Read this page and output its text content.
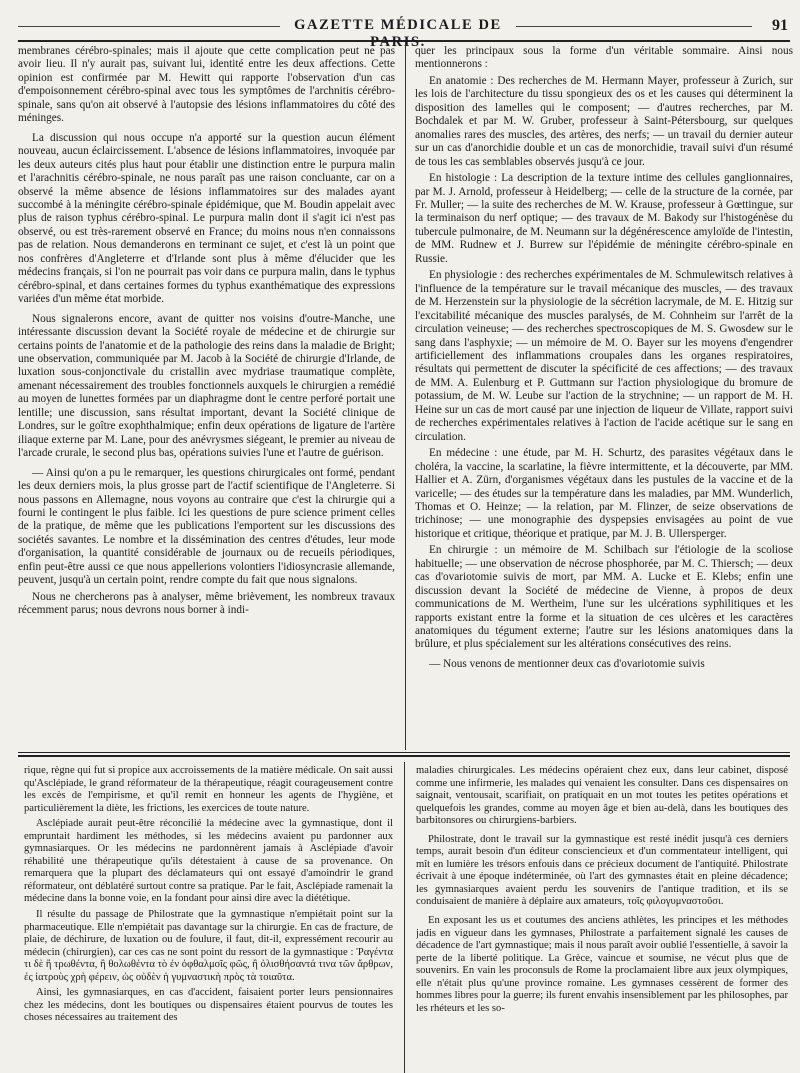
GAZETTE MÉDICALE DE PARIS.
91

membranes cérébro-spinales; mais il ajoute que cette complication peut ne pas avoir lieu. Il n'y aurait pas, suivant lui, identité entre les deux affections. Cette opinion est confirmée par M. Hewitt qui rapporte l'observation d'un cas d'empoisonnement cérébro-spinal avec tous les symptômes de l'archnitis cérébro-spinale, sans qu'on ait observé à l'autopsie des lésions inflammatoires du côté des méninges.

La discussion qui nous occupe n'a apporté sur la question aucun élément nouveau, aucun éclaircissement. L'absence de lésions inflammatoires, invoquée par les deux auteurs cités plus haut pour établir une distinction entre le purpura malin et l'arachnitis cérébro-spinale, ne nous paraît pas une raison concluante, car on a observé la même absence de lésions inflammatoires sur des malades ayant succombé à la méningite cérébro-spinale épidémique, que M. Boudin appelait avec plus de raison typhus cérébro-spinal. Le purpura malin dont il s'agit ici n'est pas observé, ou est très-rarement observé en France; du moins nous n'en connaissons pas de relation. Nous demanderons en terminant ce sujet, et c'est là un point que nos confrères d'Angleterre et d'Irlande sont plus à même d'élucider que les médecins français, si l'on ne pourrait pas voir dans ce purpura malin, dans le typhus cérébro-spinal, et dans certaines formes du typhus exanthématique des expressions variées d'un même état morbide.

Nous signalerons encore, avant de quitter nos voisins d'outre-Manche, une intéressante discussion devant la Société royale de médecine et de chirurgie sur certains points de l'anatomie et de la pathologie des reins dans la maladie de Bright; une observation, communiquée par M. Jacob à la Société de chirurgie d'Irlande, de luxation sous-conjonctivale du cristallin avec mydriase traumatique complète, amenant nécessairement des troubles fonctionnels auxquels le chirurgien a remédié au moyen de lunettes formées par un diaphragme dont le centre perforé portait une lentille; une discussion, sans résultat important, devant la Société clinique de Londres, sur le goître exophthalmique; enfin deux opérations de ligature de l'artère iliaque externe par M. Lane, pour des anévrysmes siégeant, le premier au niveau de l'arcade crurale, le second plus bas, opérations suivies l'une et l'autre de guérison.

— Ainsi qu'on a pu le remarquer, les questions chirurgicales ont formé, pendant les deux derniers mois, la plus grosse part de l'actif scientifique de l'Angleterre. Si nous passons en Allemagne, nous voyons au contraire que c'est la chirurgie qui a fourni le contingent le plus faible. Ici les questions de pure science priment celles de la pratique, de même que les publications l'emportent sur les discussions des sociétés savantes. Le nombre et la dissémination des centres d'études, leur mode d'organisation, la quantité considérable de journaux ou de recueils périodiques, enfin peut-être aussi ce que nous appellerions volontiers l'idiosyncrasie allemande, peuvent, jusqu'à un certain point, rendre compte du fait que nous signalons.

Nous ne chercherons pas à analyser, même brièvement, les nombreux travaux récemment parus; nous devrons nous borner à indi-

quer les principaux sous la forme d'un véritable sommaire. Ainsi nous mentionnerons :

En anatomie : Des recherches de M. Hermann Mayer, professeur à Zurich, sur les lois de l'architecture du tissu spongieux des os et les causes qui déterminent la disposition des lamelles qui le composent; — d'autres recherches, par M. Bochdalek et par M. W. Gruber, professeur à Saint-Pétersbourg, sur quelques anomalies rares des muscles, des artères, des nerfs; — un travail du dernier auteur sur un cas d'anorchidie double et un cas de monorchidie, travail suivi d'un résumé de tous les cas semblables observés jusqu'à ce jour.

En histologie : La description de la texture intime des cellules ganglionnaires, par M. J. Arnold, professeur à Heidelberg; — celle de la structure de la cornée, par Fr. Muller; — la suite des recherches de M. W. Krause, professeur à Gœttingue, sur la terminaison du nerf optique; — des travaux de M. Bakody sur l'histogénèse du tubercule pulmonaire, de M. Neumann sur la dégénérescence amyloïde de l'intestin, de MM. Rudnew et J. Burrew sur l'épidémie de méningite cérébro-spinale en Russie.

En physiologie : des recherches expérimentales de M. Schmulewitsch relatives à l'influence de la température sur le travail mécanique des muscles, — des travaux de M. Herzenstein sur la physiologie de la sécrétion lacrymale, de M. E. Hitzig sur l'excitabilité mécanique des muscles paralysés, de M. Cohnheim sur l'arrêt de la circulation veineuse; — des recherches spectroscopiques de M. S. Gwosdew sur le sang dans l'asphyxie; — un mémoire de M. O. Bayer sur les moyens d'engendrer artificiellement des inflammations croupales dans les organes respiratoires, résultats qui permettent de discuter la spécificité de ces affections; — des travaux de MM. A. Eulenburg et P. Guttmann sur l'action physiologique du bromure de potassium, de M. W. Leube sur l'action de la strychnine; — un rapport de M. H. Heine sur un cas de mort causé par une injection de liqueur de Villate, rapport suivi de recherches expérimentales relatives à l'action de l'acide acétique sur le sang en circulation.

En médecine : une étude, par M. H. Schurtz, des parasites végétaux dans le choléra, la vaccine, la scarlatine, la fièvre intermittente, et la découverte, par MM. Hallier et A. Zürn, d'organismes végétaux dans les pustules de la vaccine et de la varicelle; — des études sur la température dans les maladies, par MM. Wunderlich, Thomas et O. Heinze; — la relation, par M. Flinzer, de seize observations de trichinose; — une monographie des dyspepsies envisagées au point de vue historique et critique, théorique et pratique, par M. J. B. Ullersperger.

En chirurgie : un mémoire de M. Schilbach sur l'étiologie de la scoliose habituelle; — une observation de nécrose phosphorée, par M. C. Thiersch; — deux cas d'ovariotomie suivis de mort, par MM. A. Lucke et E. Klebs; enfin une discussion devant la Société de médecine de Vienne, à propos de deux communications de M. Wertheim, l'une sur les ulcérations syphilitiques et les rapports existant entre la forme et la situation de ces ulcères et les caractères anatomiques du tégument externe; l'autre sur les lésions anatomiques dans la brûlure, et plus spécialement sur les altérations consécutives des reins.

— Nous venons de mentionner deux cas d'ovariotomie suivis

rique, règne qui fut si propice aux accroissements de la matière médicale. On sait aussi qu'Asclépiade, le grand réformateur de la thérapeutique, réagit courageusement contre les excès de l'empirisme, et qu'il remit en honneur les agents de l'hygiène, et particulièrement la diète, les frictions, les exercices de toute nature.

Asclépiade aurait peut-être réconcilié la médecine avec la gymnastique, dont il empruntait hardiment les méthodes, si les médecins avaient pu pardonner aux gymnasiarques. Or les médecins ne pardonnèrent jamais à Asclépiade d'avoir réhabilité une thérapeutique qu'ils détestaient à cause de sa provenance. On remarquera que la plupart des déclamateurs qui ont essayé d'amoindrir le grand réformateur, ont déblatéré surtout contre sa pratique. Par le fait, Asclépiade ramenait la médecine dans la bonne voie, en la fondant pour ainsi dire avec la diététique.

Il résulte du passage de Philostrate que la gymnastique n'empiétait point sur la pharmaceutique. Elle n'empiétait pas davantage sur la chirurgie. En cas de fracture, de plaie, de déchirure, de luxation ou de foulure, il faut, dit-il, expressément recourir au médecin (chirurgien), car ces cas ne sont point du ressort de la gymnastique : Ῥαγέντα τι δὲ ἢ τρωθέντα, ἢ θολωθέντα τὸ ἐν ὀφθαλμοῖς φῶς, ἢ ὀλισθήσαντά τινα τῶν ἄρθρων, ἐς ἰατροὺς χρὴ φέρειν, ὡς οὐδὲν ἡ γυμναστικὴ πρὸς τὰ τοιαῦτα.

Ainsi, les gymnasiarques, en cas d'accident, faisaient porter leurs pensionnaires chez les médecins, dont les boutiques ou dispensaires étaient pourvus de toutes les choses nécessaires au traitement des

maladies chirurgicales. Les médecins opéraient chez eux, dans leur cabinet, disposé comme une infirmerie, les malades qui venaient les consulter. Dans ces dispensaires on saignait, ventousait, scarifiait, on pratiquait en un mot toutes les petites opérations et quelquefois les grandes, comme au moyen âge et bien au-delà, dans les boutiques des barbitonsores ou chirurgiens-barbiers.

Philostrate, dont le travail sur la gymnastique est resté inédit jusqu'à ces derniers temps, aurait besoin d'un éditeur consciencieux et d'un commentateur intelligent, qui mît en lumière les trésors enfouis dans ce précieux document de l'antiquité. Philostrate écrivait à une époque indéterminée, où l'art des gymnastes était en pleine décadence; les gymnasiarques avaient perdu les souvenirs de l'antique tradition, et ils se conduisaient de manière à déplaire aux amateurs, τοῖς φιλογυμναστοῦσι.

En exposant les us et coutumes des anciens athlètes, les principes et les méthodes jadis en vigueur dans les gymnases, Philostrate a parfaitement signalé les causes de décadence de l'art gymnastique; mais il nous paraît avoir oublié l'essentielle, à savoir la perte de la liberté politique. La Grèce, vaincue et soumise, ne vécut plus que de souvenirs. En vain les proconsuls de Rome la proclamaient libre aux jeux olympiques, elle n'était plus qu'une province romaine. Les gymnases cessèrent de former des hommes libres pour la guerre; ils furent envahis insensiblement par les philosophes, par les rhéteurs et les so-
